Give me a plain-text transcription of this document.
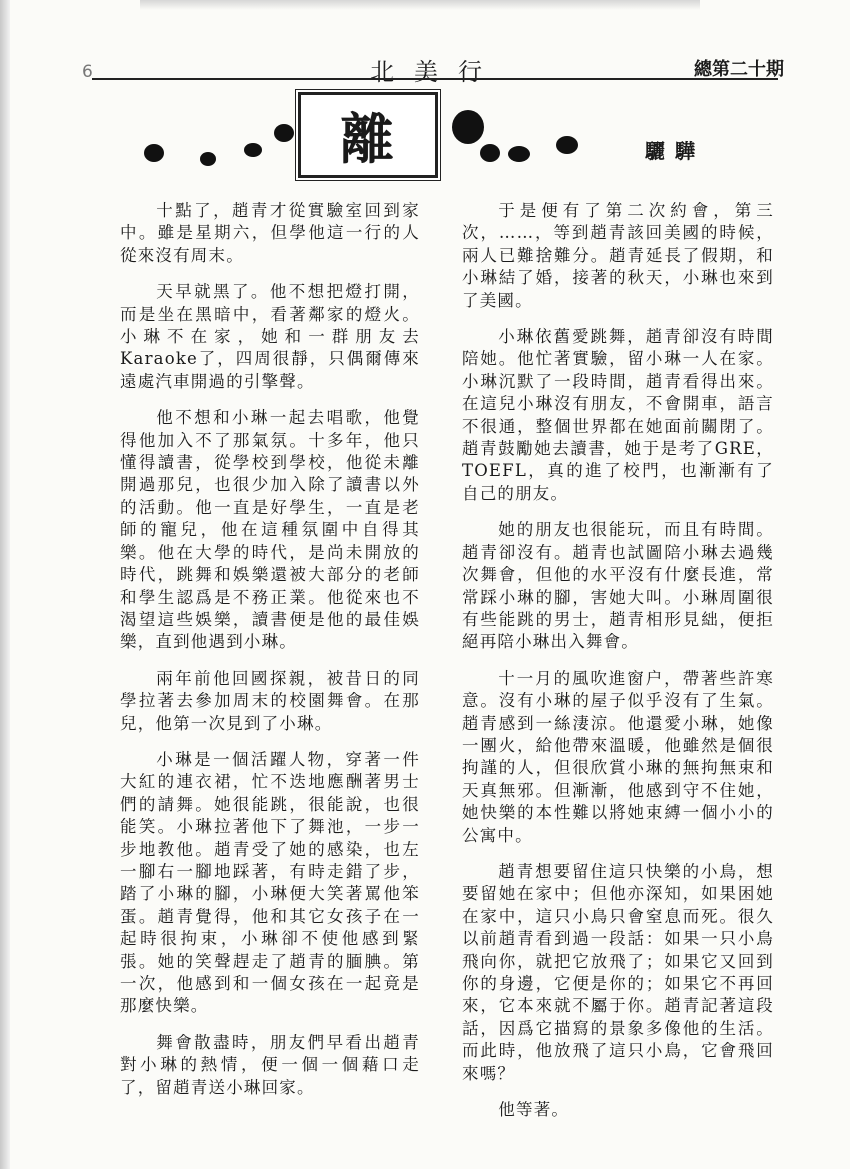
6	北美行	總第二十期
離	驪驊

十點了，趙青才從實驗室回到家中。雖是星期六，但學他這一行的人從來沒有周末。

天早就黑了。他不想把燈打開，而是坐在黑暗中，看著鄰家的燈火。小琳不在家，她和一群朋友去Karaoke了，四周很靜，只偶爾傳來遠處汽車開過的引擎聲。

他不想和小琳一起去唱歌，他覺得他加入不了那氣氛。十多年，他只懂得讀書，從學校到學校，他從未離開過那兒，也很少加入除了讀書以外的活動。他一直是好學生，一直是老師的寵兒，他在這種氛圍中自得其樂。他在大學的時代，是尚未開放的時代，跳舞和娛樂還被大部分的老師和學生認爲是不務正業。他從來也不渴望這些娛樂，讀書便是他的最佳娛樂，直到他遇到小琳。

兩年前他回國探親，被昔日的同學拉著去參加周末的校園舞會。在那兒，他第一次見到了小琳。

小琳是一個活躍人物，穿著一件大紅的連衣裙，忙不迭地應酬著男士們的請舞。她很能跳，很能說，也很能笑。小琳拉著他下了舞池，一步一步地教他。趙青受了她的感染，也左一腳右一腳地踩著，有時走錯了步，踏了小琳的腳，小琳便大笑著罵他笨蛋。趙青覺得，他和其它女孩子在一起時很拘束，小琳卻不使他感到緊張。她的笑聲趕走了趙青的腼腆。第一次，他感到和一個女孩在一起竟是那麼快樂。

舞會散盡時，朋友們早看出趙青對小琳的熱情，便一個一個藉口走了，留趙青送小琳回家。

于是便有了第二次約會，第三次，……，等到趙青該回美國的時候，兩人已難捨難分。趙青延長了假期，和小琳結了婚，接著的秋天，小琳也來到了美國。

小琳依舊愛跳舞，趙青卻沒有時間陪她。他忙著實驗，留小琳一人在家。小琳沉默了一段時間，趙青看得出來。在這兒小琳沒有朋友，不會開車，語言不很通，整個世界都在她面前關閉了。趙青鼓勵她去讀書，她于是考了GRE，TOEFL，真的進了校門，也漸漸有了自己的朋友。

她的朋友也很能玩，而且有時間。趙青卻沒有。趙青也試圖陪小琳去過幾次舞會，但他的水平沒有什麼長進，常常踩小琳的腳，害她大叫。小琳周圍很有些能跳的男士，趙青相形見絀，便拒絕再陪小琳出入舞會。

十一月的風吹進窗户，帶著些許寒意。沒有小琳的屋子似乎沒有了生氣。趙青感到一絲淒涼。他還愛小琳，她像一團火，給他帶來溫暖，他雖然是個很拘謹的人，但很欣賞小琳的無拘無束和天真無邪。但漸漸，他感到守不住她，她快樂的本性難以將她束縛一個小小的公寓中。

趙青想要留住這只快樂的小鳥，想要留她在家中；但他亦深知，如果困她在家中，這只小鳥只會窒息而死。很久以前趙青看到過一段話：如果一只小鳥飛向你，就把它放飛了；如果它又回到你的身邊，它便是你的；如果它不再回來，它本來就不屬于你。趙青記著這段話，因爲它描寫的景象多像他的生活。而此時，他放飛了這只小鳥，它會飛回來嗎？

他等著。
